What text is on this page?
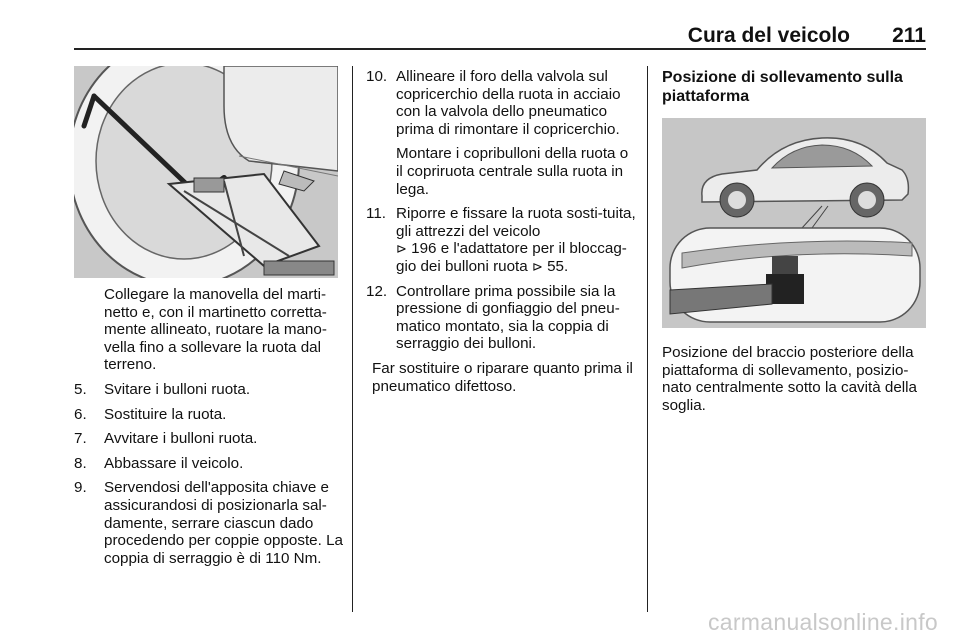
Cura del veicolo 211

Collegare la manovella del marti-netto e, con il martinetto corretta-mente allineato, ruotare la mano-vella fino a sollevare la ruota dal terreno.

5. Svitare i bulloni ruota.
6. Sostituire la ruota.
7. Avvitare i bulloni ruota.
8. Abbassare il veicolo.
9. Servendosi dell'apposita chiave e assicurandosi di posizionarla sal-damente, serrare ciascun dado procedendo per coppie opposte. La coppia di serraggio è di 110 Nm.
10. Allineare il foro della valvola sul copricerchio della ruota in acciaio con la valvola dello pneumatico prima di rimontare il copricerchio.

Montare i copribulloni della ruota o il copriruota centrale sulla ruota in lega.

11. Riporre e fissare la ruota sosti-tuita, gli attrezzi del veicolo
⊳ 196 e l'adattatore per il bloccag-gio dei bulloni ruota ⊳ 55.
12. Controllare prima possibile sia la pressione di gonfiaggio del pneu-matico montato, sia la coppia di serraggio dei bulloni.

Far sostituire o riparare quanto prima il pneumatico difettoso.

Posizione di sollevamento sulla piattaforma

Posizione del braccio posteriore della piattaforma di sollevamento, posizio-nato centralmente sotto la cavità della soglia.

carmanualsonline.info
